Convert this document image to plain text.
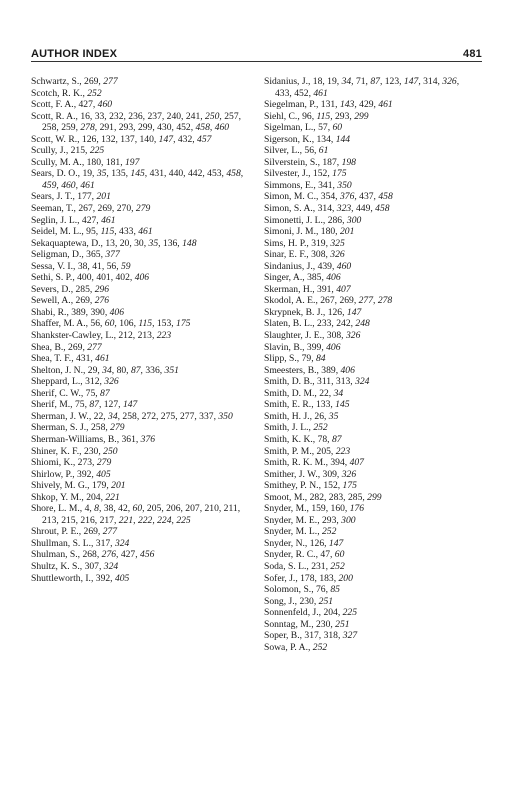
AUTHOR INDEX	481
Schwartz, S., 269, 277
Scotch, R. K., 252
Scott, F. A., 427, 460
Scott, R. A., 16, 33, 232, 236, 237, 240, 241, 250, 257, 258, 259, 278, 291, 293, 299, 430, 452, 458, 460
Scott, W. R., 126, 132, 137, 140, 147, 432, 457
Scully, J., 215, 225
Scully, M. A., 180, 181, 197
Sears, D. O., 19, 35, 135, 145, 431, 440, 442, 453, 458, 459, 460, 461
Sears, J. T., 177, 201
Seeman, T., 267, 269, 270, 279
Seglin, J. L., 427, 461
Seidel, M. L., 95, 115, 433, 461
Sekaquaptewa, D., 13, 20, 30, 35, 136, 148
Seligman, D., 365, 377
Sessa, V. I., 38, 41, 56, 59
Sethi, S. P., 400, 401, 402, 406
Severs, D., 285, 296
Sewell, A., 269, 276
Shabi, R., 389, 390, 406
Shaffer, M. A., 56, 60, 106, 115, 153, 175
Shankster-Cawley, L., 212, 213, 223
Shea, B., 269, 277
Shea, T. F., 431, 461
Shelton, J. N., 29, 34, 80, 87, 336, 351
Sheppard, L., 312, 326
Sherif, C. W., 75, 87
Sherif, M., 75, 87, 127, 147
Sherman, J. W., 22, 34, 258, 272, 275, 277, 337, 350
Sherman, S. J., 258, 279
Sherman-Williams, B., 361, 376
Shiner, K. F., 230, 250
Shiomi, K., 273, 279
Shirlow, P., 392, 405
Shively, M. G., 179, 201
Shkop, Y. M., 204, 221
Shore, L. M., 4, 8, 38, 42, 60, 205, 206, 207, 210, 211, 213, 215, 216, 217, 221, 222, 224, 225
Shrout, P. E., 269, 277
Shullman, S. L., 317, 324
Shulman, S., 268, 276, 427, 456
Shultz, K. S., 307, 324
Shuttleworth, I., 392, 405
Sidanius, J., 18, 19, 34, 71, 87, 123, 147, 314, 326, 433, 452, 461
Siegelman, P., 131, 143, 429, 461
Siehl, C., 96, 115, 293, 299
Sigelman, L., 57, 60
Sigerson, K., 134, 144
Silver, L., 56, 61
Silverstein, S., 187, 198
Silvester, J., 152, 175
Simmons, E., 341, 350
Simon, M. C., 354, 376, 437, 458
Simon, S. A., 314, 323, 449, 458
Simonetti, J. L., 286, 300
Simoni, J. M., 180, 201
Sims, H. P., 319, 325
Sinar, E. F., 308, 326
Sindanius, J., 439, 460
Singer, A., 385, 406
Skerman, H., 391, 407
Skodol, A. E., 267, 269, 277, 278
Skrypnek, B. J., 126, 147
Slaten, B. L., 233, 242, 248
Slaughter, J. E., 308, 326
Slavin, B., 399, 406
Slipp, S., 79, 84
Smeesters, B., 389, 406
Smith, D. B., 311, 313, 324
Smith, D. M., 22, 34
Smith, E. R., 133, 145
Smith, H. J., 26, 35
Smith, J. L., 252
Smith, K. K., 78, 87
Smith, P. M., 205, 223
Smith, R. K. M., 394, 407
Smither, J. W., 309, 326
Smithey, P. N., 152, 175
Smoot, M., 282, 283, 285, 299
Snyder, M., 159, 160, 176
Snyder, M. E., 293, 300
Snyder, M. L., 252
Snyder, N., 126, 147
Snyder, R. C., 47, 60
Soda, S. L., 231, 252
Sofer, J., 178, 183, 200
Solomon, S., 76, 85
Song, J., 230, 251
Sonnenfeld, J., 204, 225
Sonntag, M., 230, 251
Soper, B., 317, 318, 327
Sowa, P. A., 252
